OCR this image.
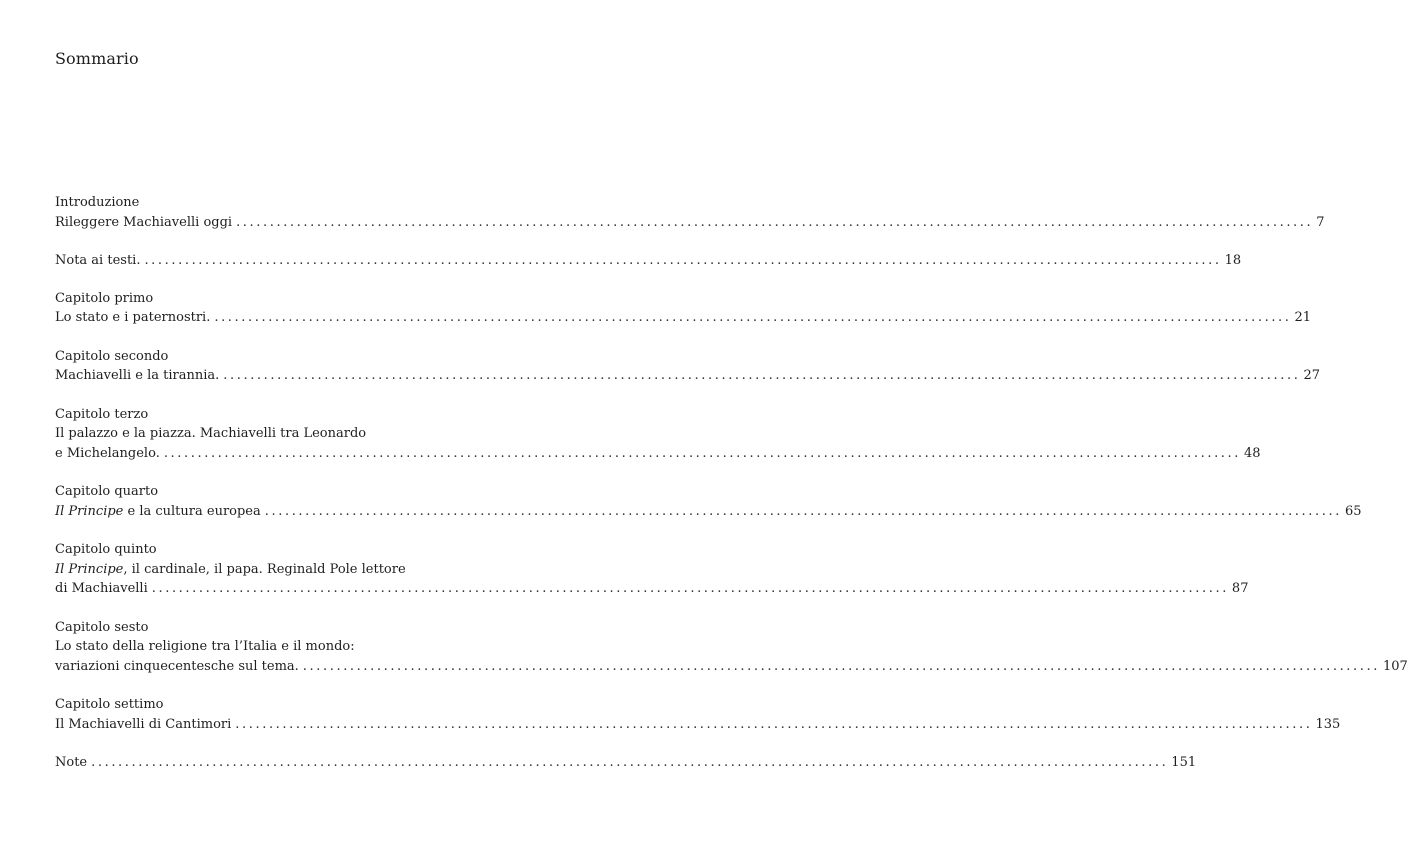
Sommario
Introduzione
Rileggere Machiavelli oggi ................................................................................................................................................................ 7
Nota ai testi. ................................................................................................................................................................ 18
Capitolo primo
Lo stato e i paternostri. ................................................................................................................................................................ 21
Capitolo secondo
Machiavelli e la tirannia. ................................................................................................................................................................ 27
Capitolo terzo
Il palazzo e la piazza. Machiavelli tra Leonardo
e Michelangelo. ................................................................................................................................................................ 48
Capitolo quarto
Il Principe e la cultura europea ................................................................................................................................................................ 65
Capitolo quinto
Il Principe, il cardinale, il papa. Reginald Pole lettore
di Machiavelli ................................................................................................................................................................ 87
Capitolo sesto
Lo stato della religione tra l’Italia e il mondo:
variazioni cinquecentesche sul tema. ................................................................................................................................................................ 107
Capitolo settimo
Il Machiavelli di Cantimori ................................................................................................................................................................ 135
Note ................................................................................................................................................................ 151
